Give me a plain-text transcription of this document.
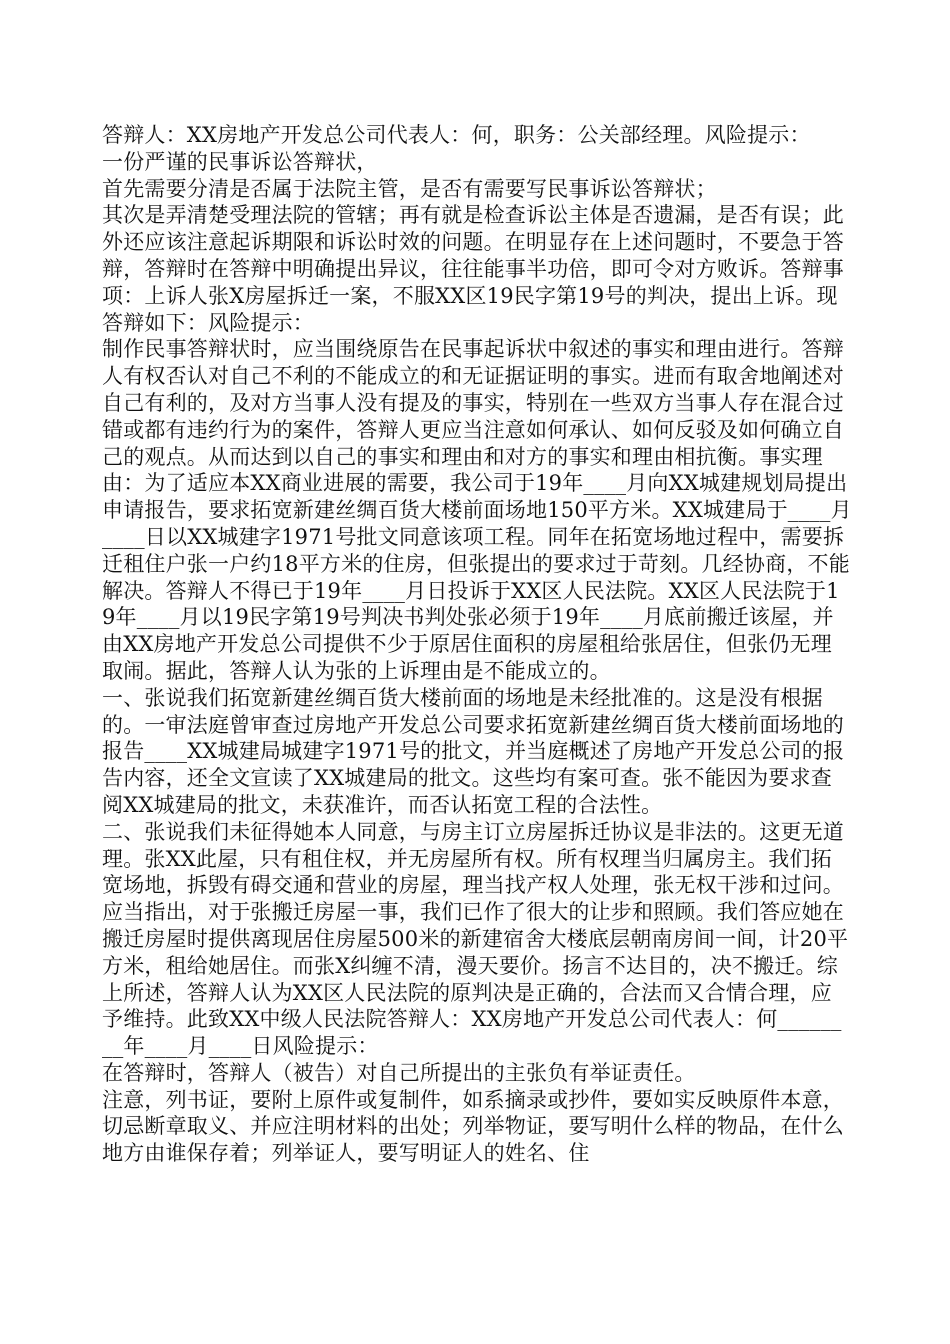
答辩人：XX房地产开发总公司代表人：何，职务：公关部经理。风险提示：

一份严谨的民事诉讼答辩状，

首先需要分清是否属于法院主管，是否有需要写民事诉讼答辩状；

其次是弄清楚受理法院的管辖；再有就是检查诉讼主体是否遗漏，是否有误；此外还应该注意起诉期限和诉讼时效的问题。在明显存在上述问题时，不要急于答辩，答辩时在答辩中明确提出异议，往往能事半功倍，即可令对方败诉。答辩事项：上诉人张X房屋拆迁一案，不服XX区19民字第19号的判决，提出上诉。现答辩如下：风险提示：

制作民事答辩状时，应当围绕原告在民事起诉状中叙述的事实和理由进行。答辩人有权否认对自己不利的不能成立的和无证据证明的事实。进而有取舍地阐述对自己有利的，及对方当事人没有提及的事实，特别在一些双方当事人存在混合过错或都有违约行为的案件，答辩人更应当注意如何承认、如何反驳及如何确立自己的观点。从而达到以自己的事实和理由和对方的事实和理由相抗衡。事实理由：为了适应本XX商业进展的需要，我公司于19年____月向XX城建规划局提出申请报告，要求拓宽新建丝绸百货大楼前面场地150平方米。XX城建局于____月____日以XX城建字1971号批文同意该项工程。同年在拓宽场地过程中，需要拆迁租住户张一户约18平方米的住房，但张提出的要求过于苛刻。几经协商，不能解决。答辩人不得已于19年____月日投诉于XX区人民法院。XX区人民法院于19年____月以19民字第19号判决书判处张必须于19年____月底前搬迁该屋，并由XX房地产开发总公司提供不少于原居住面积的房屋租给张居住，但张仍无理取闹。据此，答辩人认为张的上诉理由是不能成立的。

一、张说我们拓宽新建丝绸百货大楼前面的场地是未经批准的。这是没有根据的。一审法庭曾审查过房地产开发总公司要求拓宽新建丝绸百货大楼前面场地的报告____XX城建局城建字1971号的批文，并当庭概述了房地产开发总公司的报告内容，还全文宣读了XX城建局的批文。这些均有案可查。张不能因为要求查阅XX城建局的批文，未获准许，而否认拓宽工程的合法性。

二、张说我们未征得她本人同意，与房主订立房屋拆迁协议是非法的。这更无道理。张XX此屋，只有租住权，并无房屋所有权。所有权理当归属房主。我们拓宽场地，拆毁有碍交通和营业的房屋，理当找产权人处理，张无权干涉和过问。应当指出，对于张搬迁房屋一事，我们已作了很大的让步和照顾。我们答应她在搬迁房屋时提供离现居住房屋500米的新建宿舍大楼底层朝南房间一间，计20平方米，租给她居住。而张X纠缠不清，漫天要价。扬言不达目的，决不搬迁。综上所述，答辩人认为XX区人民法院的原判决是正确的，合法而又合情合理，应予维持。此致XX中级人民法院答辩人：XX房地产开发总公司代表人：何________年____月____日风险提示：

在答辩时，答辩人（被告）对自己所提出的主张负有举证责任。

注意，列书证，要附上原件或复制件，如系摘录或抄件，要如实反映原件本意，切忌断章取义、并应注明材料的出处；列举物证，要写明什么样的物品，在什么地方由谁保存着；列举证人，要写明证人的姓名、住
